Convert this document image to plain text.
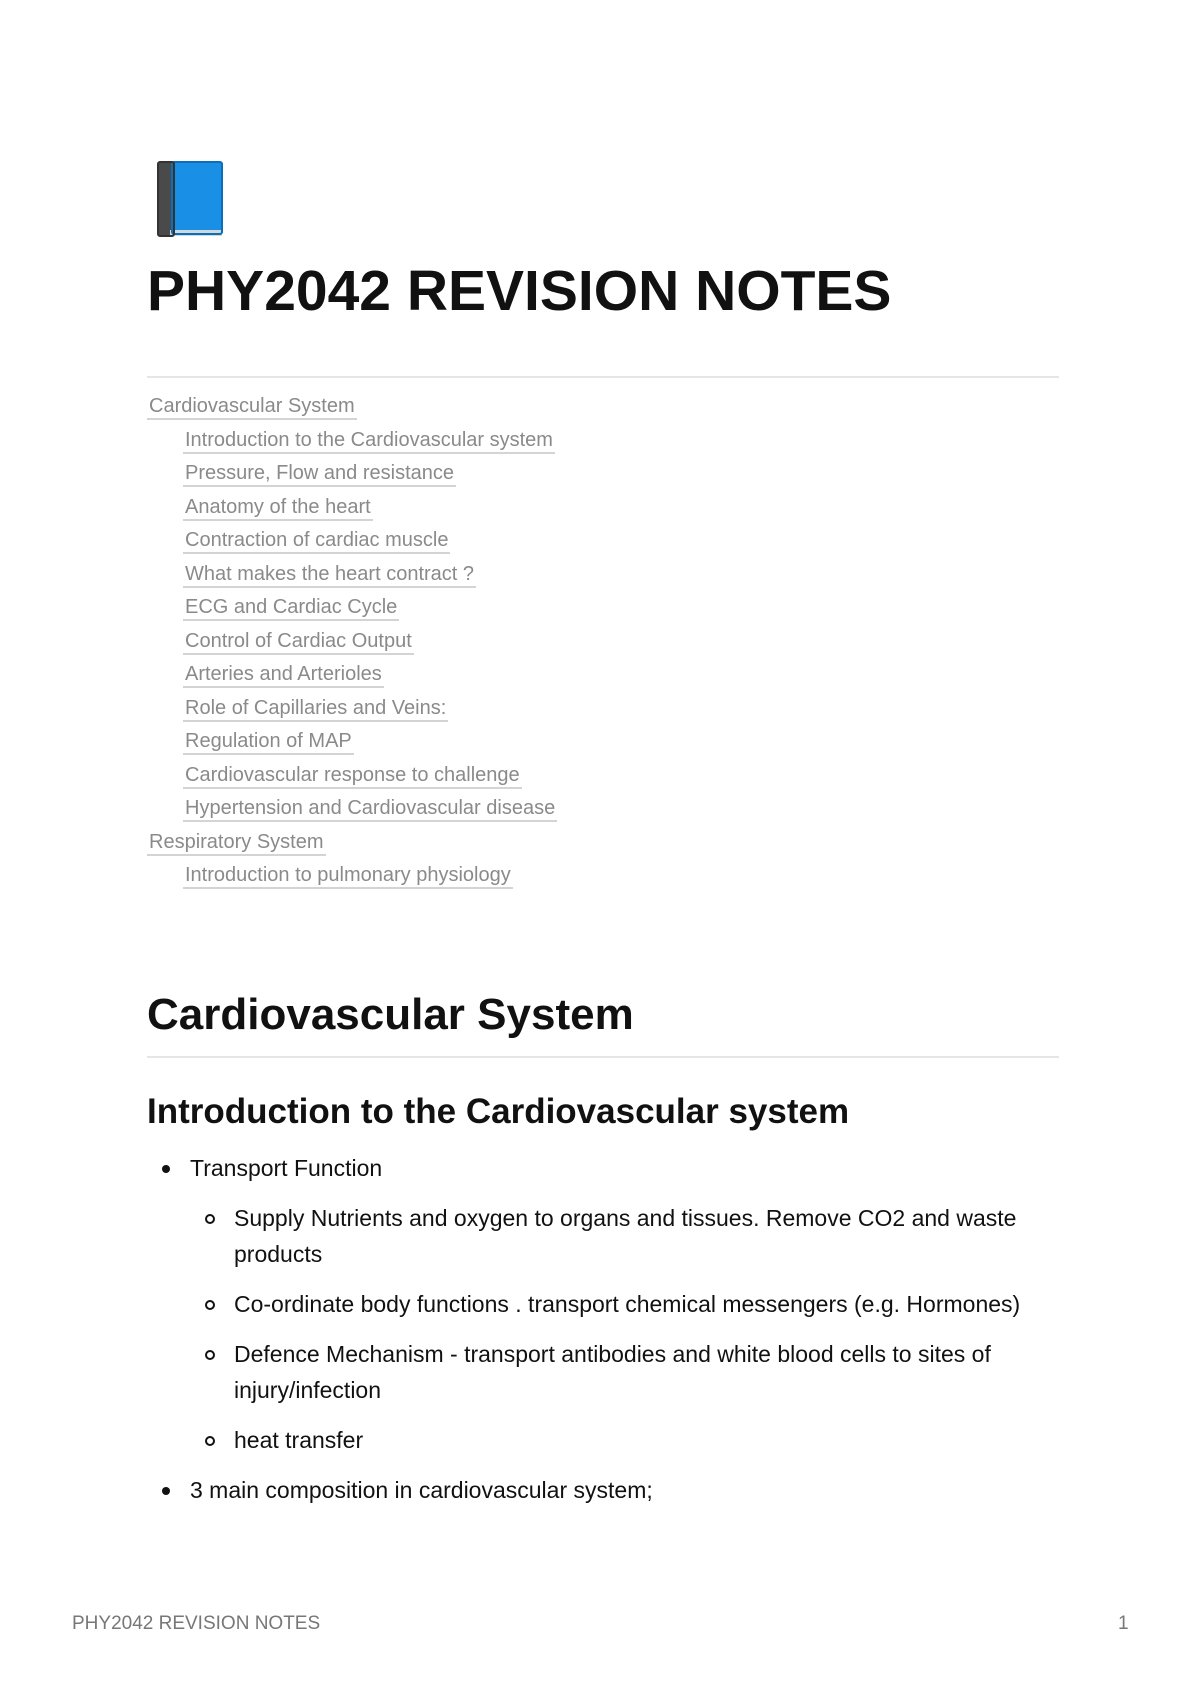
PHY2042 REVISION NOTES
Cardiovascular System
Introduction to the Cardiovascular system
Pressure, Flow and resistance
Anatomy of the heart
Contraction of cardiac muscle
What makes the heart contract ?
ECG and Cardiac Cycle
Control of Cardiac Output
Arteries and Arterioles
Role of Capillaries and Veins:
Regulation of MAP
Cardiovascular response to challenge
Hypertension and Cardiovascular disease
Respiratory System
Introduction to pulmonary physiology
Cardiovascular System
Introduction to the Cardiovascular system
Transport Function
Supply Nutrients and oxygen to organs and tissues. Remove CO2 and waste products
Co-ordinate body functions . transport chemical messengers (e.g. Hormones)
Defence Mechanism - transport antibodies and white blood cells to sites of injury/infection
heat transfer
3 main composition in cardiovascular system;
PHY2042 REVISION NOTES	1
